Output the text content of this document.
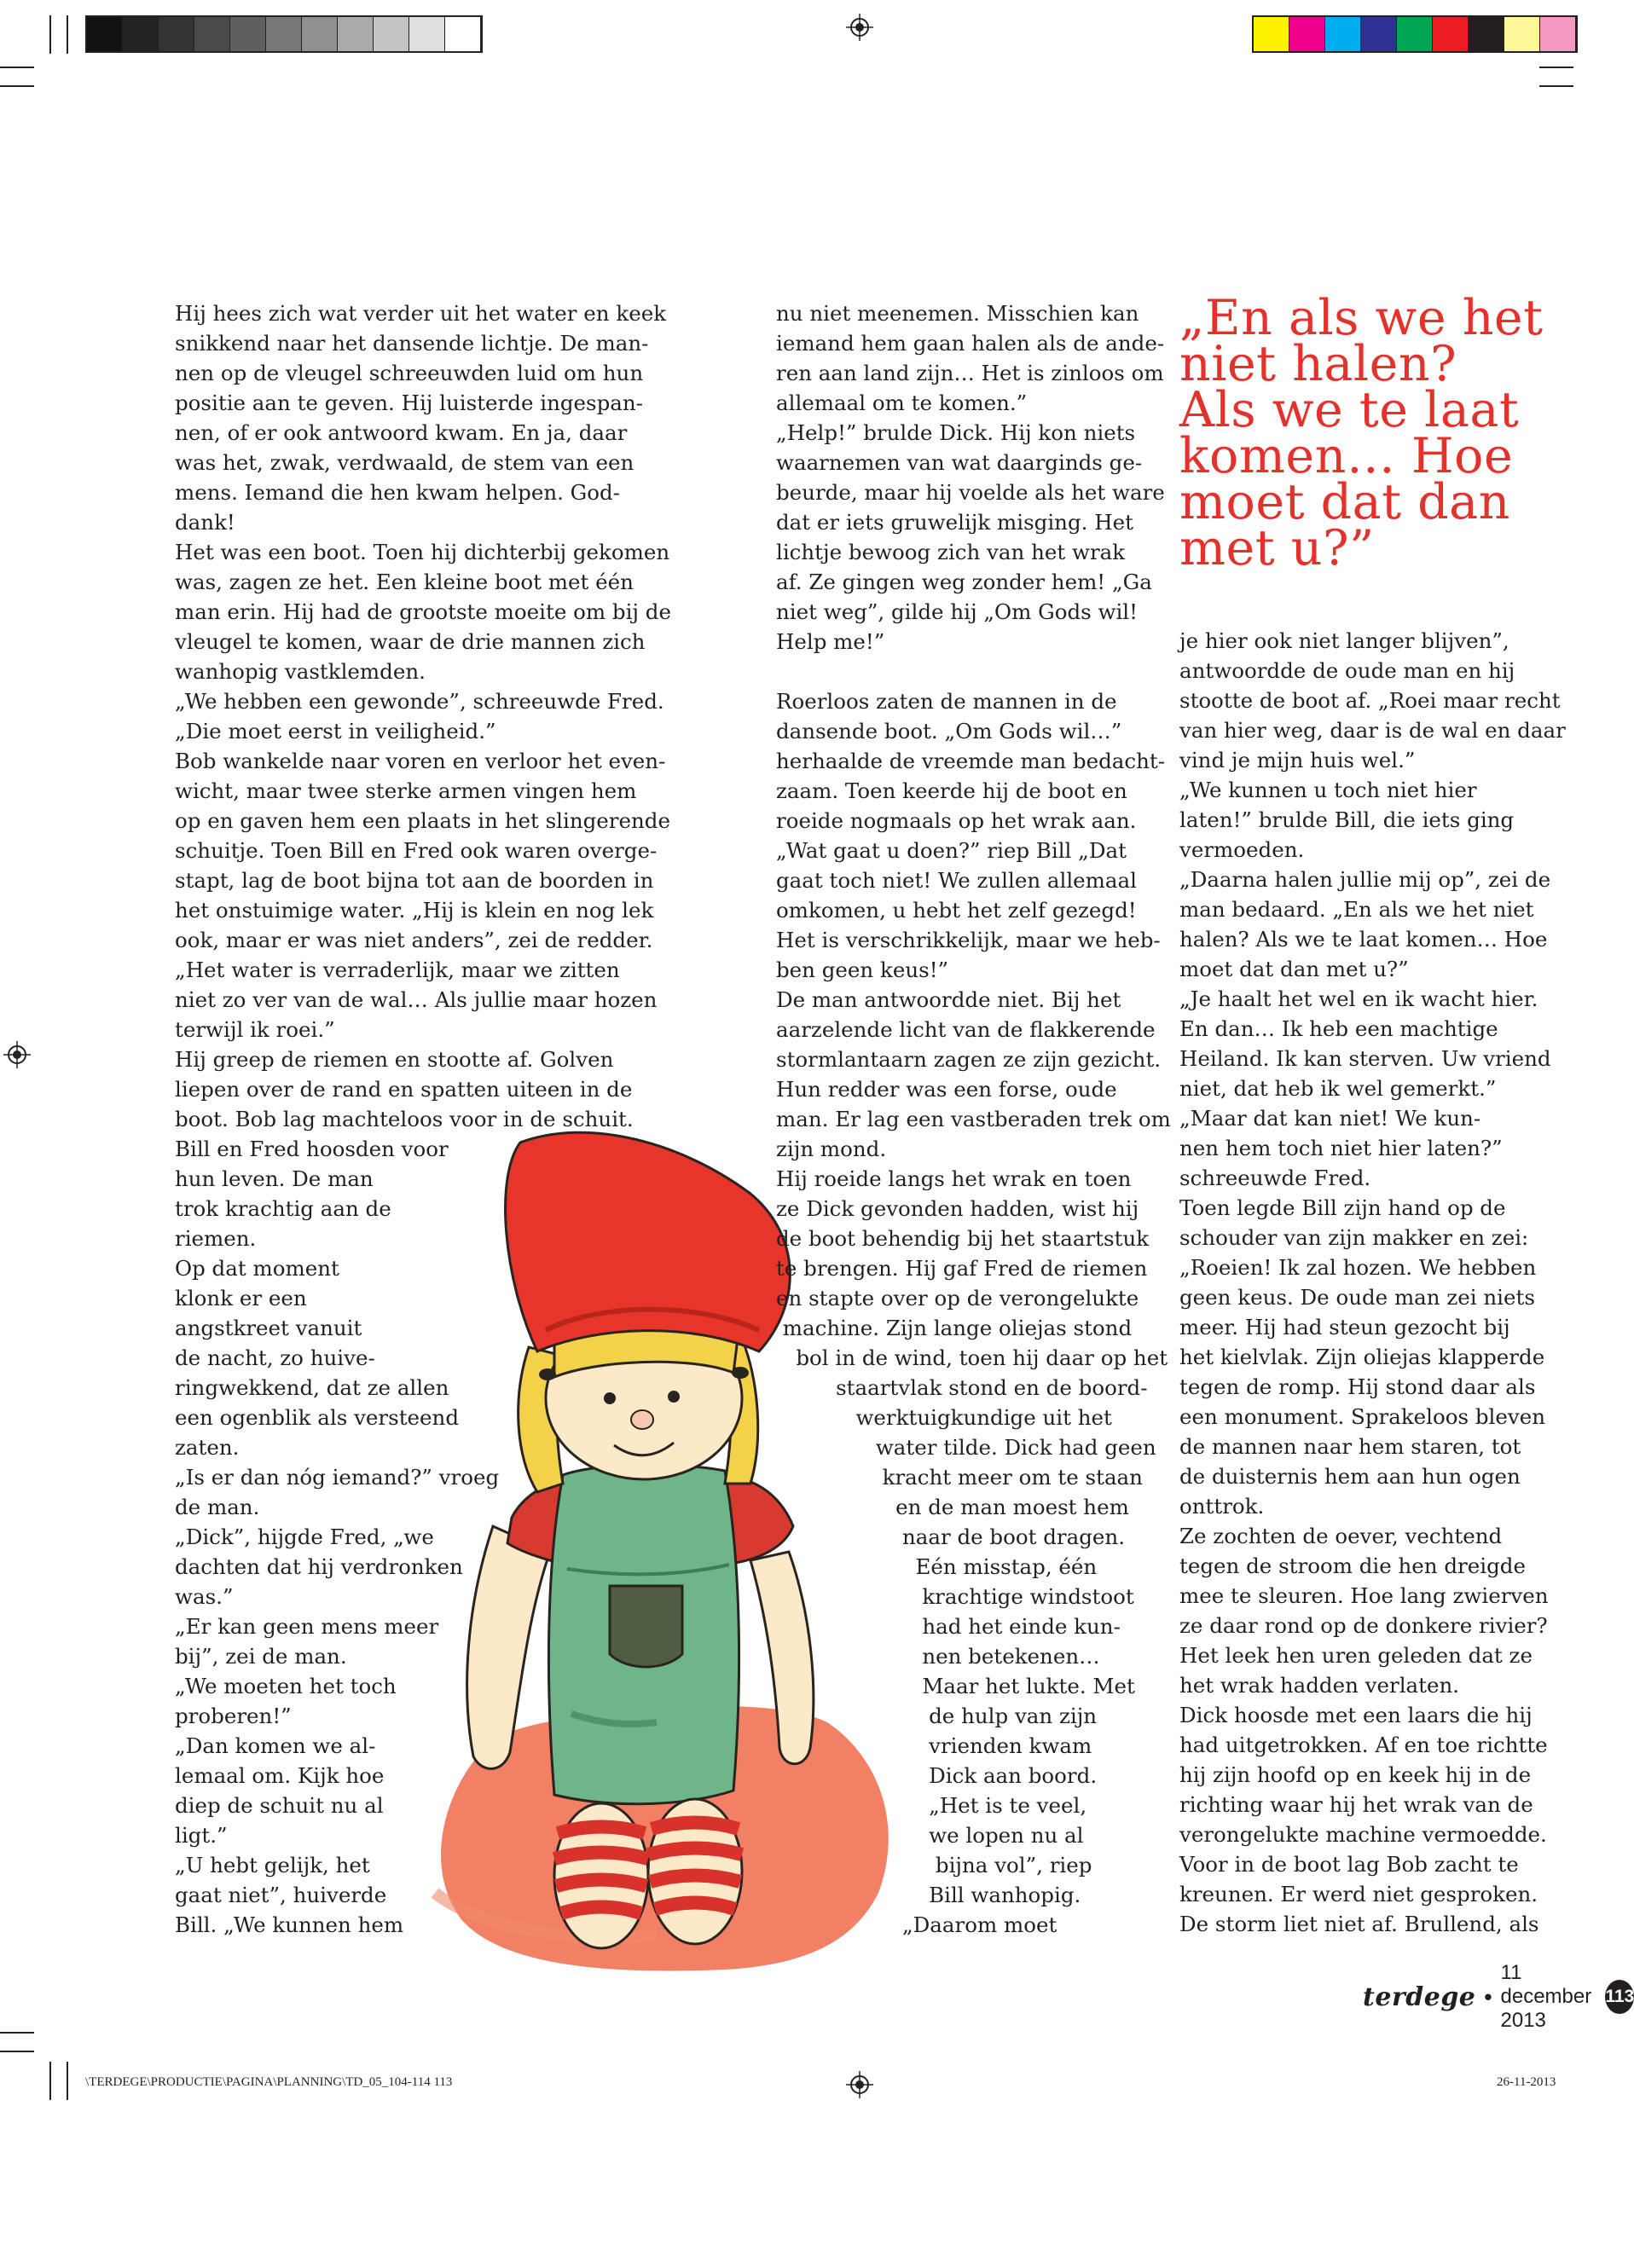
Hij hees zich wat verder uit het water en keek

snikkend naar het dansende lichtje. De man-

nen op de vleugel schreeuwden luid om hun

positie aan te geven. Hij luisterde ingespan-

nen, of er ook antwoord kwam. En ja, daar

was het, zwak, verdwaald, de stem van een

mens. Iemand die hen kwam helpen. God-

dank!

Het was een boot. Toen hij dichterbij gekomen

was, zagen ze het. Een kleine boot met één

man erin. Hij had de grootste moeite om bij de

vleugel te komen, waar de drie mannen zich

wanhopig vastklemden.

„We hebben een gewonde”, schreeuwde Fred.

„Die moet eerst in veiligheid.”

Bob wankelde naar voren en verloor het even-

wicht, maar twee sterke armen vingen hem

op en gaven hem een plaats in het slingerende

schuitje. Toen Bill en Fred ook waren overge-

stapt, lag de boot bijna tot aan de boorden in

het onstuimige water. „Hij is klein en nog lek

ook, maar er was niet anders”, zei de redder.

„Het water is verraderlijk, maar we zitten

niet zo ver van de wal… Als jullie maar hozen

terwijl ik roei.”

Hij greep de riemen en stootte af. Golven

liepen over de rand en spatten uiteen in de

boot. Bob lag machteloos voor in de schuit.

Bill en Fred hoosden voor

hun leven. De man

trok krachtig aan de

riemen.

Op dat moment

klonk er een

angstkreet vanuit

de nacht, zo huive-

ringwekkend, dat ze allen

een ogenblik als versteend

zaten.

„Is er dan nóg iemand?” vroeg

de man.

„Dick”, hijgde Fred, „we

dachten dat hij verdronken

was.”

„Er kan geen mens meer

bij”, zei de man.

„We moeten het toch

proberen!”

„Dan komen we al-

lemaal om. Kijk hoe

diep de schuit nu al

ligt.”

„U hebt gelijk, het

gaat niet”, huiverde

Bill. „We kunnen hem

nu niet meenemen. Misschien kan

iemand hem gaan halen als de ande-

ren aan land zijn… Het is zinloos om

allemaal om te komen.”

„Help!” brulde Dick. Hij kon niets

waarnemen van wat daarginds ge-

beurde, maar hij voelde als het ware

dat er iets gruwelijk misging. Het

lichtje bewoog zich van het wrak

af. Ze gingen weg zonder hem! „Ga

niet weg”, gilde hij „Om Gods wil!

Help me!”

Roerloos zaten de mannen in de

dansende boot. „Om Gods wil…”

herhaalde de vreemde man bedacht-

zaam. Toen keerde hij de boot en

roeide nogmaals op het wrak aan.

„Wat gaat u doen?” riep Bill „Dat

gaat toch niet! We zullen allemaal

omkomen, u hebt het zelf gezegd!

Het is verschrikkelijk, maar we heb-

ben geen keus!”

De man antwoordde niet. Bij het

aarzelende licht van de flakkerende

stormlantaarn zagen ze zijn gezicht.

Hun redder was een forse, oude

man. Er lag een vastberaden trek om

zijn mond.

Hij roeide langs het wrak en toen

ze Dick gevonden hadden, wist hij

de boot behendig bij het staartstuk

te brengen. Hij gaf Fred de riemen

en stapte over op de verongelukte

machine. Zijn lange oliejas stond

bol in de wind, toen hij daar op het

staartvlak stond en de boord-

werktuigkundige uit het

water tilde. Dick had geen

kracht meer om te staan

en de man moest hem

naar de boot dragen.

Eén misstap, één

krachtige windstoot

had het einde kun-

nen betekenen…

Maar het lukte. Met

de hulp van zijn

vrienden kwam

Dick aan boord.

„Het is te veel,

we lopen nu al

bijna vol”, riep

Bill wanhopig.

„Daarom moet

„En als we het

niet halen?

Als we te laat

komen… Hoe

moet dat dan

met u?”

je hier ook niet langer blijven”,

antwoordde de oude man en hij

stootte de boot af. „Roei maar recht

van hier weg, daar is de wal en daar

vind je mijn huis wel.”

„We kunnen u toch niet hier

laten!” brulde Bill, die iets ging

vermoeden.

„Daarna halen jullie mij op”, zei de

man bedaard. „En als we het niet

halen? Als we te laat komen… Hoe

moet dat dan met u?”

„Je haalt het wel en ik wacht hier.

En dan… Ik heb een machtige

Heiland. Ik kan sterven. Uw vriend

niet, dat heb ik wel gemerkt.”

„Maar dat kan niet! We kun-

nen hem toch niet hier laten?”

schreeuwde Fred.

Toen legde Bill zijn hand op de

schouder van zijn makker en zei:

„Roeien! Ik zal hozen. We hebben

geen keus. De oude man zei niets

meer. Hij had steun gezocht bij

het kielvlak. Zijn oliejas klapperde

tegen de romp. Hij stond daar als

een monument. Sprakeloos bleven

de mannen naar hem staren, tot

de duisternis hem aan hun ogen

onttrok.

Ze zochten de oever, vechtend

tegen de stroom die hen dreigde

mee te sleuren. Hoe lang zwierven

ze daar rond op de donkere rivier?

Het leek hen uren geleden dat ze

het wrak hadden verlaten.

Dick hoosde met een laars die hij

had uitgetrokken. Af en toe richtte

hij zijn hoofd op en keek hij in de

richting waar hij het wrak van de

verongelukte machine vermoedde.

Voor in de boot lag Bob zacht te

kreunen. Er werd niet gesproken.

De storm liet niet af. Brullend, als

terdege •
11 december 2013
113
\TERDEGE\PRODUCTIE\PAGINA\PLANNING\TD_05_104-114 113	26-11-2013
